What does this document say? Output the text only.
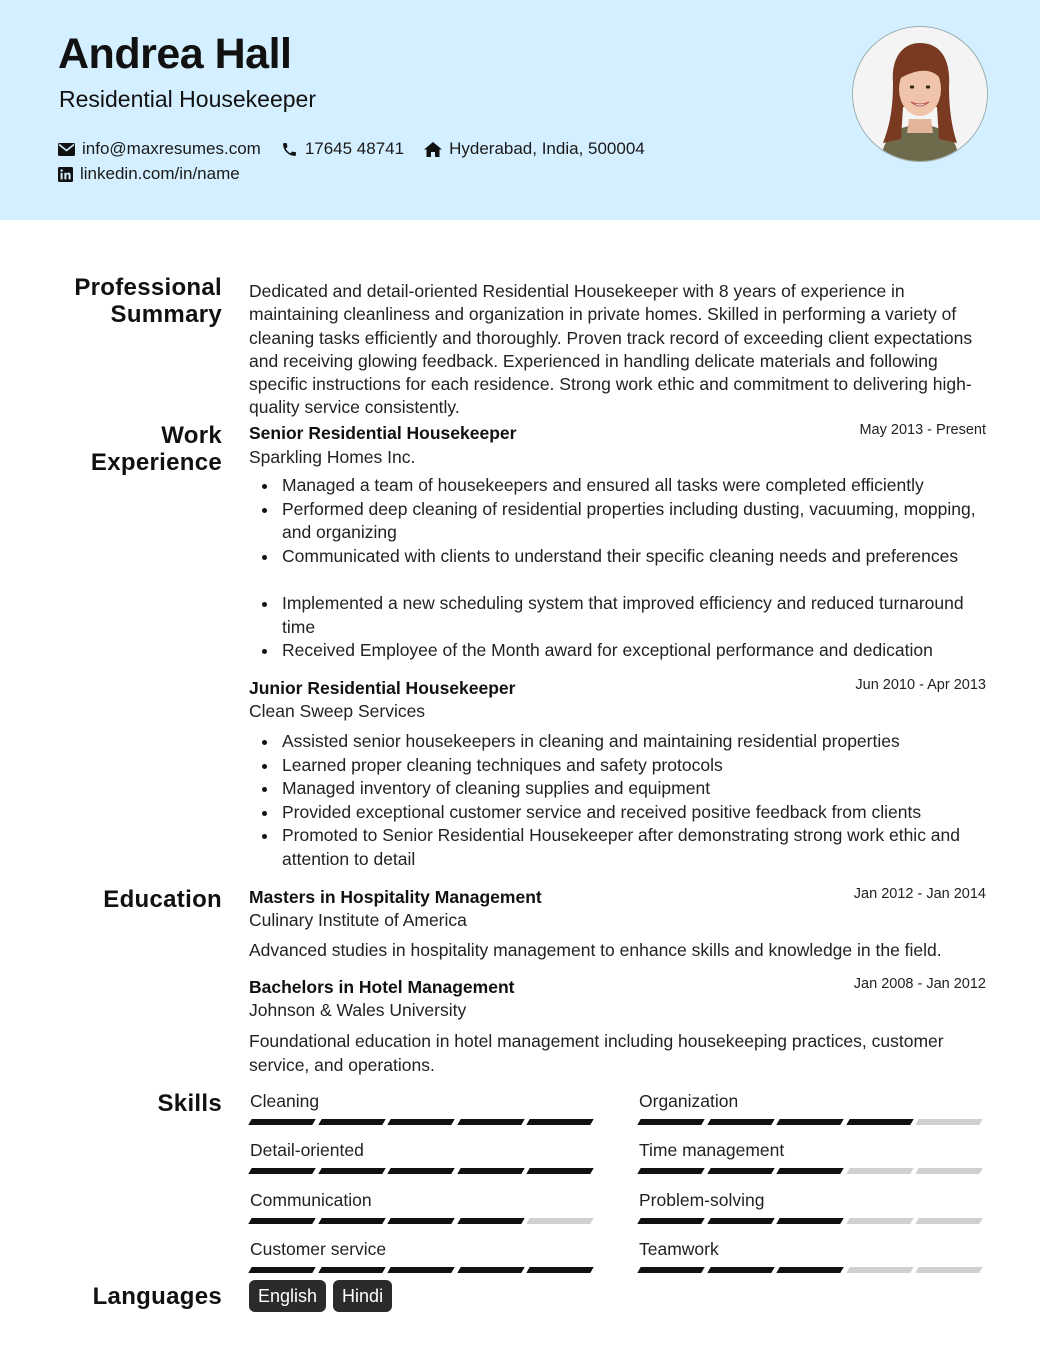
Andrea Hall
Residential Housekeeper
info@maxresumes.com	17645 48741	Hyderabad, India, 500004
linkedin.com/in/name
Professional Summary
Work Experience
Education
Skills
Languages

Dedicated and detail-oriented Residential Housekeeper with 8 years of experience in maintaining cleanliness and organization in private homes. Skilled in performing a variety of cleaning tasks efficiently and thoroughly. Proven track record of exceeding client expectations and receiving glowing feedback. Experienced in handling delicate materials and following specific instructions for each residence. Strong work ethic and commitment to delivering high-quality service consistently.

Senior Residential Housekeeper	May 2013 - Present
Sparkling Homes Inc.
Managed a team of housekeepers and ensured all tasks were completed efficiently
Performed deep cleaning of residential properties including dusting, vacuuming, mopping, and organizing
Communicated with clients to understand their specific cleaning needs and preferences
Implemented a new scheduling system that improved efficiency and reduced turnaround time
Received Employee of the Month award for exceptional performance and dedication
Junior Residential Housekeeper	Jun 2010 - Apr 2013
Clean Sweep Services
Assisted senior housekeepers in cleaning and maintaining residential properties
Learned proper cleaning techniques and safety protocols
Managed inventory of cleaning supplies and equipment
Provided exceptional customer service and received positive feedback from clients
Promoted to Senior Residential Housekeeper after demonstrating strong work ethic and attention to detail
Masters in Hospitality Management	Jan 2012 - Jan 2014
Culinary Institute of America

Advanced studies in hospitality management to enhance skills and knowledge in the field.

Bachelors in Hotel Management	Jan 2008 - Jan 2012
Johnson & Wales University

Foundational education in hotel management including housekeeping practices, customer service, and operations.

Cleaning	Organization
Detail-oriented	Time management
Communication	Problem-solving
Customer service	Teamwork
English	Hindi
